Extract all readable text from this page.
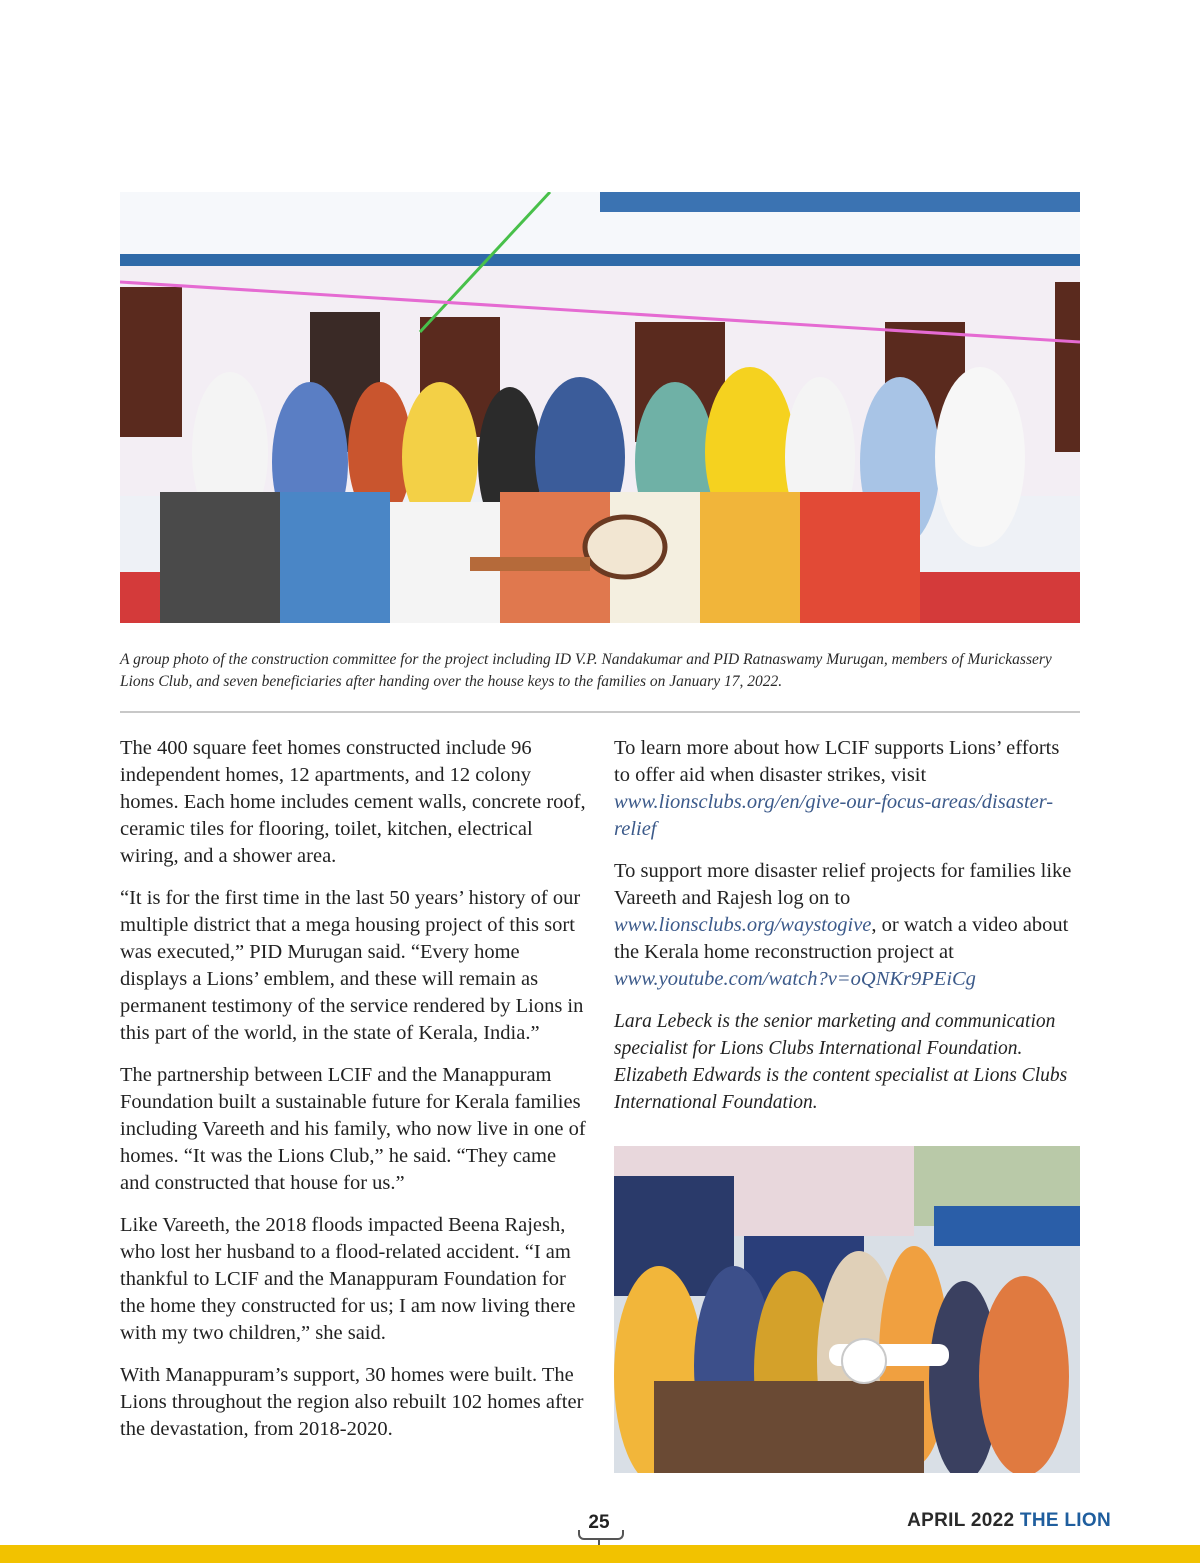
A group photo of the construction committee for the project including ID V.P. Nandakumar and PID Ratnaswamy Murugan, members of Murickassery Lions Club, and seven beneficiaries after handing over the house keys to the families on January 17, 2022.

The 400 square feet homes constructed include 96 independent homes, 12 apartments, and 12 colony homes. Each home includes cement walls, concrete roof, ceramic tiles for flooring, toilet, kitchen, electrical wiring, and a shower area.

“It is for the first time in the last 50 years’ history of our multiple district that a mega housing project of this sort was executed,” PID Murugan said. “Every home displays a Lions’ emblem, and these will remain as permanent testimony of the service rendered by Lions in this part of the world, in the state of Kerala, India.”

The partnership between LCIF and the Manappuram Foundation built a sustainable future for Kerala families including Vareeth and his family, who now live in one of homes. “It was the Lions Club,” he said. “They came and constructed that house for us.”

Like Vareeth, the 2018 floods impacted Beena Rajesh, who lost her husband to a flood-related accident. “I am thankful to LCIF and the Manappuram Foundation for the home they constructed for us; I am now living there with my two children,” she said.

With Manappuram’s support, 30 homes were built. The Lions throughout the region also rebuilt 102 homes after the devastation, from 2018-2020.

To learn more about how LCIF supports Lions’ efforts to offer aid when disaster strikes, visit www.lionsclubs.org/en/give-our-focus-areas/disaster-relief

To support more disaster relief projects for families like Vareeth and Rajesh log on to www.lionsclubs.org/waystogive, or watch a video about the Kerala home reconstruction project at www.youtube.com/watch?v=oQNKr9PEiCg

Lara Lebeck is the senior marketing and communication specialist for Lions Clubs International Foundation. Elizabeth Edwards is the content specialist at Lions Clubs International Foundation.

25	APRIL 2022 THE LION
